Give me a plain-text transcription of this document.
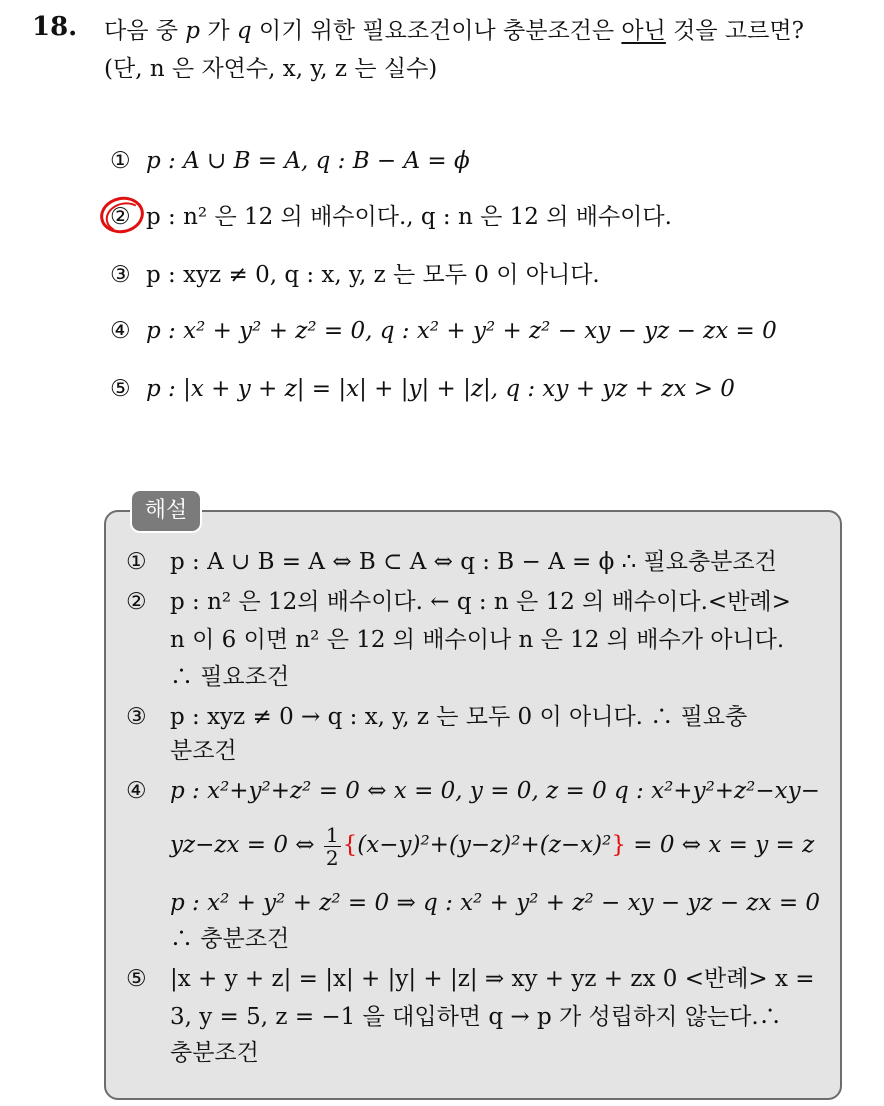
18. 다음 중 p 가 q 이기 위한 필요조건이나 충분조건은 아닌 것을 고르면?
(단, n 은 자연수, x, y, z 는 실수)
① p : A ∪ B = A, q : B − A = ϕ
② p : n² 은 12 의 배수이다., q : n 은 12 의 배수이다.
③ p : xyz ≠ 0, q : x, y, z 는 모두 0 이 아니다.
④ p : x² + y² + z² = 0, q : x² + y² + z² − xy − yz − zx = 0
⑤ p : |x + y + z| = |x| + |y| + |z|, q : xy + yz + zx > 0
해설
① p : A ∪ B = A ⇔ B ⊂ A ⇔ q : B − A = ϕ ∴ 필요충분조건
② p : n² 은 12의 배수이다. ← q : n 은 12 의 배수이다.<반례>
n 이 6 이면 n² 은 12 의 배수이나 n 은 12 의 배수가 아니다.
∴ 필요조건
③ p : xyz ≠ 0 → q : x, y, z 는 모두 0 이 아니다. ∴ 필요충
분조건
④ p : x²+y²+z² = 0 ⇔ x = 0, y = 0, z = 0 q : x²+y²+z²−xy−
yz−zx = 0 ⇔ $\frac{1}{2} \{(x-y)^2+(y-z)^2+(z-x)^2\} = 0$ ⇔ x = y = z
p : x² + y² + z² = 0 ⇒ q : x² + y² + z² − xy − yz − zx = 0
∴ 충분조건
⑤ |x + y + z| = |x| + |y| + |z| ⇒ xy + yz + zx 0 <반례> x =
3, y = 5, z = −1 을 대입하면 q → p 가 성립하지 않는다.∴
충분조건
